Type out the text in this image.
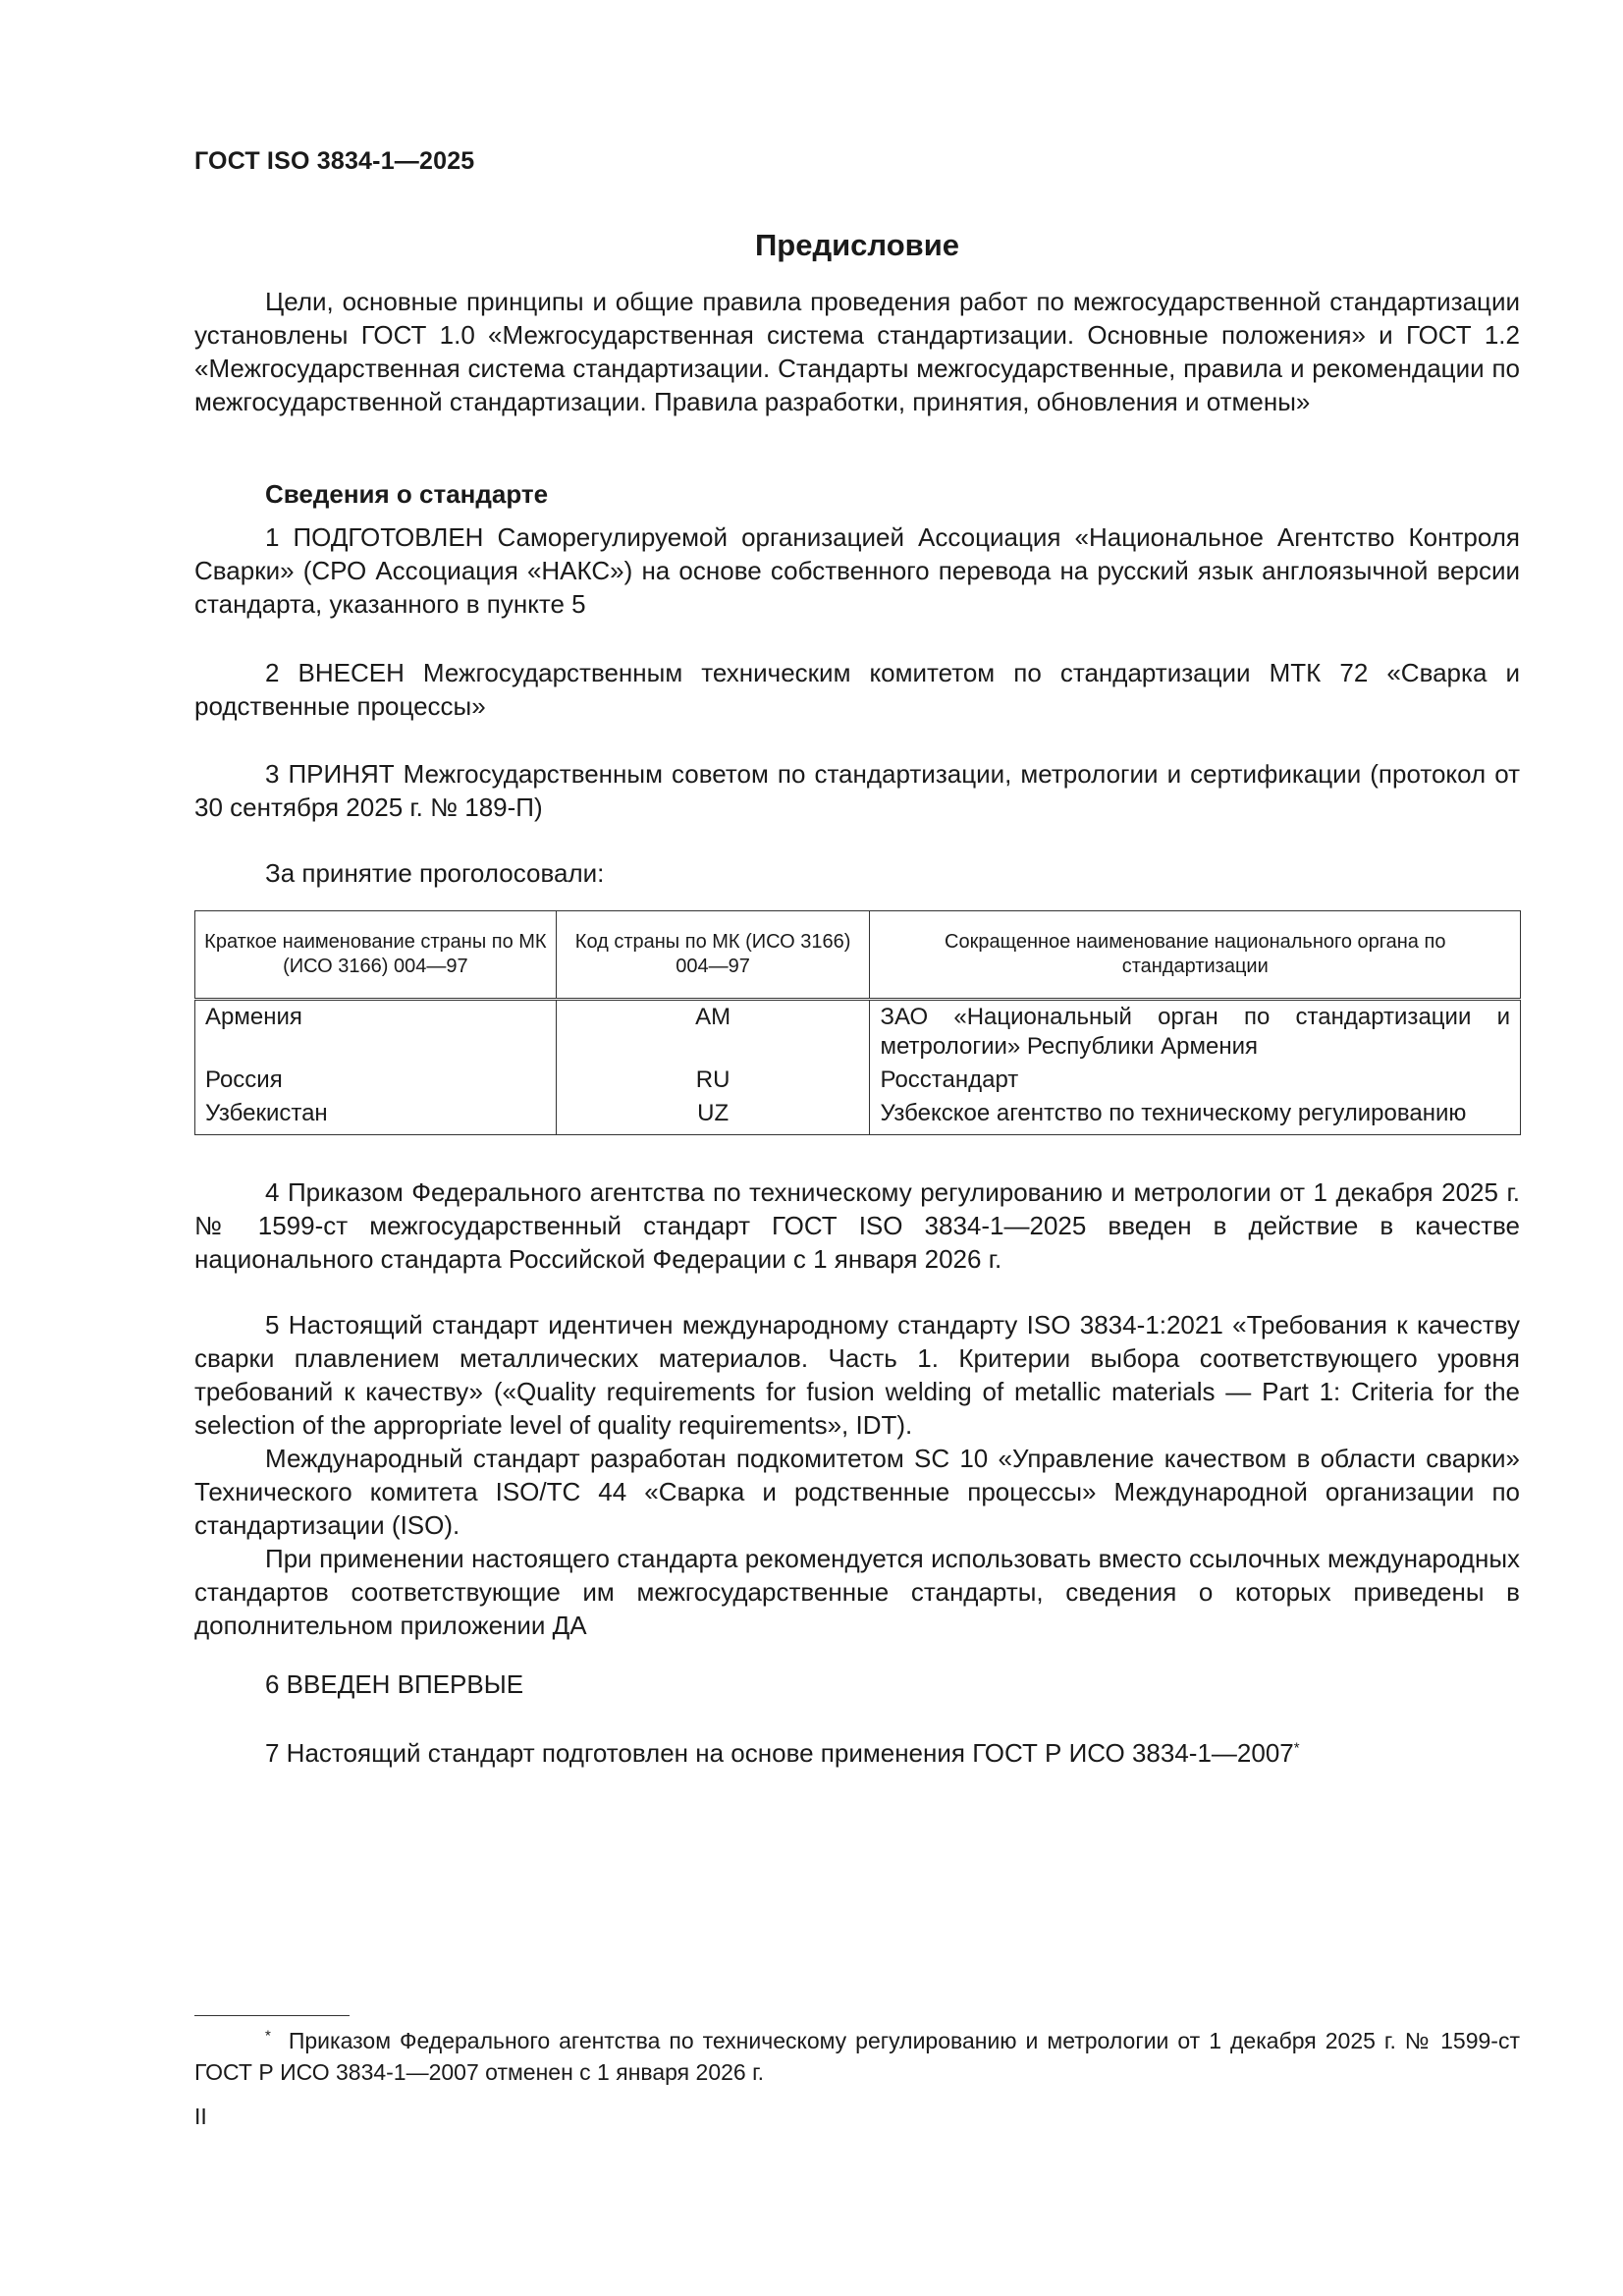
ГОСТ ISO 3834-1—2025
Предисловие

Цели, основные принципы и общие правила проведения работ по межгосударственной стандартизации установлены ГОСТ 1.0 «Межгосударственная система стандартизации. Основные положения» и ГОСТ 1.2 «Межгосударственная система стандартизации. Стандарты межгосударственные, правила и рекомендации по межгосударственной стандартизации. Правила разработки, принятия, обновления и отмены»

Сведения о стандарте

1 ПОДГОТОВЛЕН Саморегулируемой организацией Ассоциация «Национальное Агентство Контроля Сварки» (СРО Ассоциация «НАКС») на основе собственного перевода на русский язык англоязычной версии стандарта, указанного в пункте 5

2 ВНЕСЕН Межгосударственным техническим комитетом по стандартизации МТК 72 «Сварка и родственные процессы»

3 ПРИНЯТ Межгосударственным советом по стандартизации, метрологии и сертификации (протокол от 30 сентября 2025 г. № 189-П)

За принятие проголосовали:
Краткое наименование страны по МК (ИСО 3166) 004—97	Код страны по МК (ИСО 3166) 004—97	Сокращенное наименование национального органа по стандартизации
Армения	AM	ЗАО «Национальный орган по стандартизации и метрологии» Республики Армения
Россия	RU	Росстандарт
Узбекистан	UZ	Узбекское агентство по техническому регулированию

4 Приказом Федерального агентства по техническому регулированию и метрологии от 1 декабря 2025 г. № 1599-ст межгосударственный стандарт ГОСТ ISO 3834-1—2025 введен в действие в качестве национального стандарта Российской Федерации с 1 января 2026 г.

5 Настоящий стандарт идентичен международному стандарту ISO 3834-1:2021 «Требования к качеству сварки плавлением металлических материалов. Часть 1. Критерии выбора соответствующего уровня требований к качеству» («Quality requirements for fusion welding of metallic materials — Part 1: Criteria for the selection of the appropriate level of quality requirements», IDT).

Международный стандарт разработан подкомитетом SC 10 «Управление качеством в области сварки» Технического комитета ISO/TC 44 «Сварка и родственные процессы» Международной организации по стандартизации (ISO).

При применении настоящего стандарта рекомендуется использовать вместо ссылочных международных стандартов соответствующие им межгосударственные стандарты, сведения о которых приведены в дополнительном приложении ДА

6 ВВЕДЕН ВПЕРВЫЕ
7 Настоящий стандарт подготовлен на основе применения ГОСТ Р ИСО 3834-1—2007*

* Приказом Федерального агентства по техническому регулированию и метрологии от 1 декабря 2025 г. № 1599-ст ГОСТ Р ИСО 3834-1—2007 отменен с 1 января 2026 г.

II
